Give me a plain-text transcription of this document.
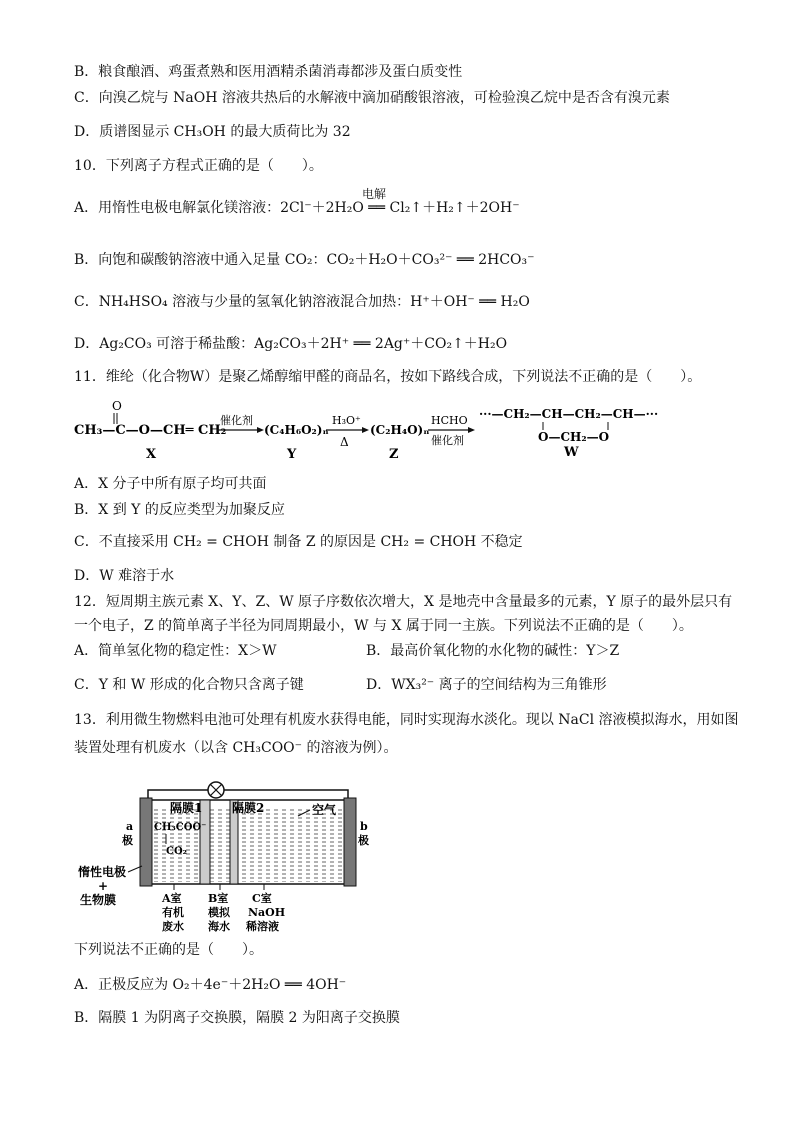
B．粮食酿酒、鸡蛋煮熟和医用酒精杀菌消毒都涉及蛋白质变性
C．向溴乙烷与 NaOH 溶液共热后的水解液中滴加硝酸银溶液，可检验溴乙烷中是否含有溴元素
D．质谱图显示 CH₃OH 的最大质荷比为 32
10．下列离子方程式正确的是（　　）。
电解
A．用惰性电极电解氯化镁溶液：2Cl⁻＋2H₂O ══ Cl₂↑＋H₂↑＋2OH⁻
B．向饱和碳酸钠溶液中通入足量 CO₂：CO₂＋H₂O＋CO₃²⁻ ══ 2HCO₃⁻
C．NH₄HSO₄ 溶液与少量的氢氧化钠溶液混合加热：H⁺＋OH⁻ ══ H₂O
D．Ag₂CO₃ 可溶于稀盐酸：Ag₂CO₃＋2H⁺ ══ 2Ag⁺＋CO₂↑＋H₂O
11．维纶（化合物W）是聚乙烯醇缩甲醛的商品名，按如下路线合成，下列说法不正确的是（　　）。
O
CH₃—C—O—CH═ CH₂
X
催化剂
(C₄H₆O₂)ₙ
Y
H₃O⁺
Δ
(C₂H₄O)ₙ
Z
HCHO
催化剂
···—CH₂—CH—CH₂—CH—···
O—CH₂—O
W
A．X 分子中所有原子均可共面
B．X 到 Y 的反应类型为加聚反应
C．不直接采用 CH₂ = CHOH 制备 Z 的原因是 CH₂ = CHOH 不稳定
D．W 难溶于水
12．短周期主族元素 X、Y、Z、W 原子序数依次增大，X 是地壳中含量最多的元素，Y 原子的最外层只有
一个电子，Z 的简单离子半径为同周期最小，W 与 X 属于同一主族。下列说法不正确的是（　　）。
A．简单氢化物的稳定性：X＞W	B．最高价氧化物的水化物的碱性：Y＞Z
C．Y 和 W 形成的化合物只含离子键	D．WX₃²⁻ 离子的空间结构为三角锥形
13．利用微生物燃料电池可处理有机废水获得电能，同时实现海水淡化。现以 NaCl 溶液模拟海水，用如图
装置处理有机废水（以含 CH₃COO⁻ 的溶液为例）。
隔膜1 隔膜2	空气
a
极
b
极
CH₃COO⁻
CO₂
惰性电极
+
生物膜	A室
有机
废水
B室
模拟
海水
C室
NaOH
稀溶液
下列说法不正确的是（　　）。
A．正极反应为 O₂＋4e⁻＋2H₂O ══ 4OH⁻
B．隔膜 1 为阴离子交换膜，隔膜 2 为阳离子交换膜
